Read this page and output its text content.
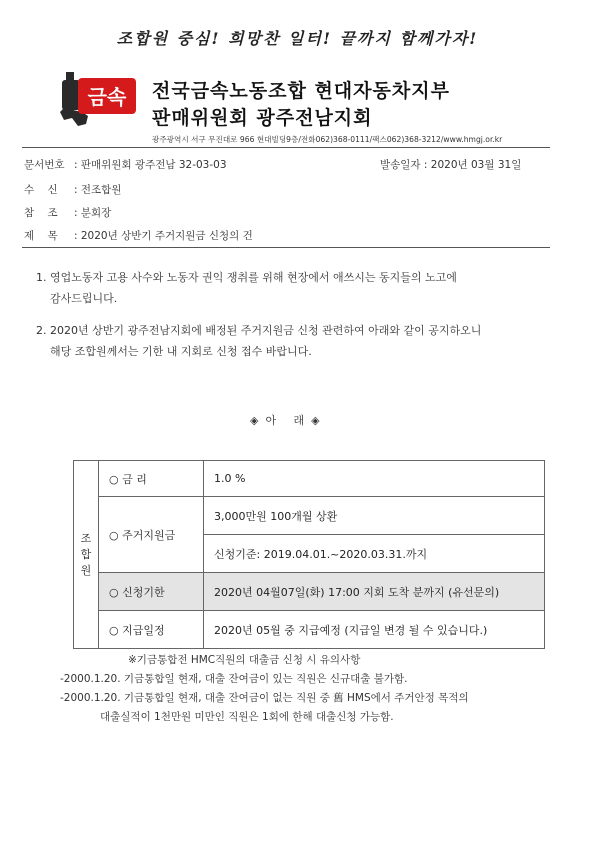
조합원 중심! 희망찬 일터! 끝까지 함께가자!
금속 전국금속노동조합 현대자동차지부
판매위원회 광주전남지회
광주광역시 서구 무진대로 966 현대빌딩9층/전화062)368-0111/팩스062)368-3212/www.hmgj.or.kr
문서번호 : 판매위원회 광주전남 32-03-03	발송일자 : 2020년 03월 31일
수    신 : 전조합원
참    조 : 분회장
제    목 : 2020년 상반기 주거지원금 신청의 건
1. 영업노동자 고용 사수와 노동자 권익 쟁취를 위해 현장에서 애쓰시는 동지들의 노고에
감사드립니다.
2. 2020년 상반기 광주전남지회에 배정된 주거지원금 신청 관련하여 아래와 같이 공지하오니
해당 조합원께서는 기한 내 지회로 신청 접수 바랍니다.
◈  아     래  ◈
조
합
원	○ 금 리	1.0 %
	○ 주거지원금	3,000만원 100개월 상환
		신청기준: 2019.04.01.~2020.03.31.까지
	○ 신청기한	2020년 04월07일(화) 17:00 지회 도착 분까지 (유선문의)
	○ 지급일정	2020년 05월 중 지급예정 (지급일 변경 될 수 있습니다.)
※기금통합전 HMC직원의 대출금 신청 시 유의사항
-2000.1.20. 기금통합일 현재, 대출 잔여금이 있는 직원은 신규대출 불가함.
-2000.1.20. 기금통합일 현재, 대출 잔여금이 없는 직원 중 舊 HMS에서 주거안정 목적의
대출실적이 1천만원 미만인 직원은 1회에 한해 대출신청 가능함.
